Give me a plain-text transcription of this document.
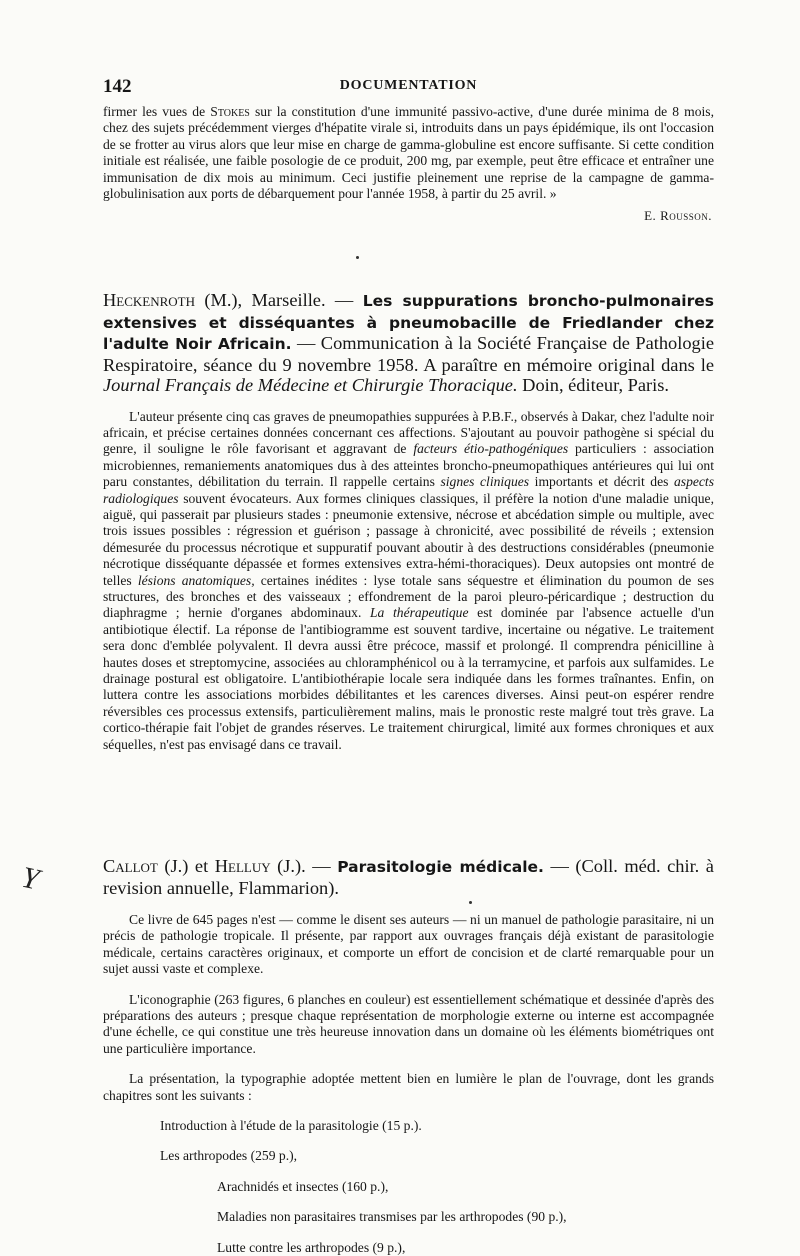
142	DOCUMENTATION

firmer les vues de Stokes sur la constitution d'une immunité passivo-active, d'une durée minima de 8 mois, chez des sujets précédemment vierges d'hépatite virale si, introduits dans un pays épidémique, ils ont l'occasion de se frotter au virus alors que leur mise en charge de gamma-globuline est encore suffisante. Si cette condition initiale est réalisée, une faible posologie de ce produit, 200 mg, par exemple, peut être efficace et entraîner une immunisation de dix mois au minimum. Ceci justifie pleinement une reprise de la campagne de gamma-globulinisation aux ports de débarquement pour l'année 1958, à partir du 25 avril. »

E. Rousson.

Heckenroth (M.), Marseille. — Les suppurations broncho-pulmonaires extensives et disséquantes à pneumobacille de Friedlander chez l'adulte Noir Africain. — Communication à la Société Française de Pathologie Respiratoire, séance du 9 novembre 1958. A paraître en mémoire original dans le Journal Français de Médecine et Chirurgie Thoracique. Doin, éditeur, Paris.

L'auteur présente cinq cas graves de pneumopathies suppurées à P.B.F., observés à Dakar, chez l'adulte noir africain, et précise certaines données concernant ces affections. S'ajoutant au pouvoir pathogène si spécial du genre, il souligne le rôle favorisant et aggravant de facteurs étio-pathogéniques particuliers : association microbiennes, remaniements anatomiques dus à des atteintes broncho-pneumopathiques antérieures qui lui ont paru constantes, débilitation du terrain. Il rappelle certains signes cliniques importants et décrit des aspects radiologiques souvent évocateurs. Aux formes cliniques classiques, il préfère la notion d'une maladie unique, aiguë, qui passerait par plusieurs stades : pneumonie extensive, nécrose et abcédation simple ou multiple, avec trois issues possibles : régression et guérison ; passage à chronicité, avec possibilité de réveils ; extension démesurée du processus nécrotique et suppuratif pouvant aboutir à des destructions considérables (pneumonie nécrotique disséquante dépassée et formes extensives extra-hémi-thoraciques). Deux autopsies ont montré de telles lésions anatomiques, certaines inédites : lyse totale sans séquestre et élimination du poumon de ses structures, des bronches et des vaisseaux ; effondrement de la paroi pleuro-péricardique ; destruction du diaphragme ; hernie d'organes abdominaux. La thérapeutique est dominée par l'absence actuelle d'un antibiotique électif. La réponse de l'antibiogramme est souvent tardive, incertaine ou négative. Le traitement sera donc d'emblée polyvalent. Il devra aussi être précoce, massif et prolongé. Il comprendra pénicilline à hautes doses et streptomycine, associées au chloramphénicol ou à la terramycine, et parfois aux sulfamides. Le drainage postural est obligatoire. L'antibiothérapie locale sera indiquée dans les formes traînantes. Enfin, on luttera contre les associations morbides débilitantes et les carences diverses. Ainsi peut-on espérer rendre réversibles ces processus extensifs, particulièrement malins, mais le pronostic reste malgré tout très grave. La cortico-thérapie fait l'objet de grandes réserves. Le traitement chirurgical, limité aux formes chroniques et aux séquelles, n'est pas envisagé dans ce travail.

Y	Callot (J.) et Helluy (J.). — Parasitologie médicale. — (Coll. méd. chir. à revision annuelle, Flammarion).

Ce livre de 645 pages n'est — comme le disent ses auteurs — ni un manuel de pathologie parasitaire, ni un précis de pathologie tropicale. Il présente, par rapport aux ouvrages français déjà existant de parasitologie médicale, certains caractères originaux, et comporte un effort de concision et de clarté remarquable pour un sujet aussi vaste et complexe.

L'iconographie (263 figures, 6 planches en couleur) est essentiellement schématique et dessinée d'après des préparations des auteurs ; presque chaque représentation de morphologie externe ou interne est accompagnée d'une échelle, ce qui constitue une très heureuse innovation dans un domaine où les éléments biométriques ont une particulière importance.

La présentation, la typographie adoptée mettent bien en lumière le plan de l'ouvrage, dont les grands chapitres sont les suivants :

Introduction à l'étude de la parasitologie (15 p.).
Les arthropodes (259 p.),
Arachnidés et insectes (160 p.),
Maladies non parasitaires transmises par les arthropodes (90 p.),
Lutte contre les arthropodes (9 p.),
